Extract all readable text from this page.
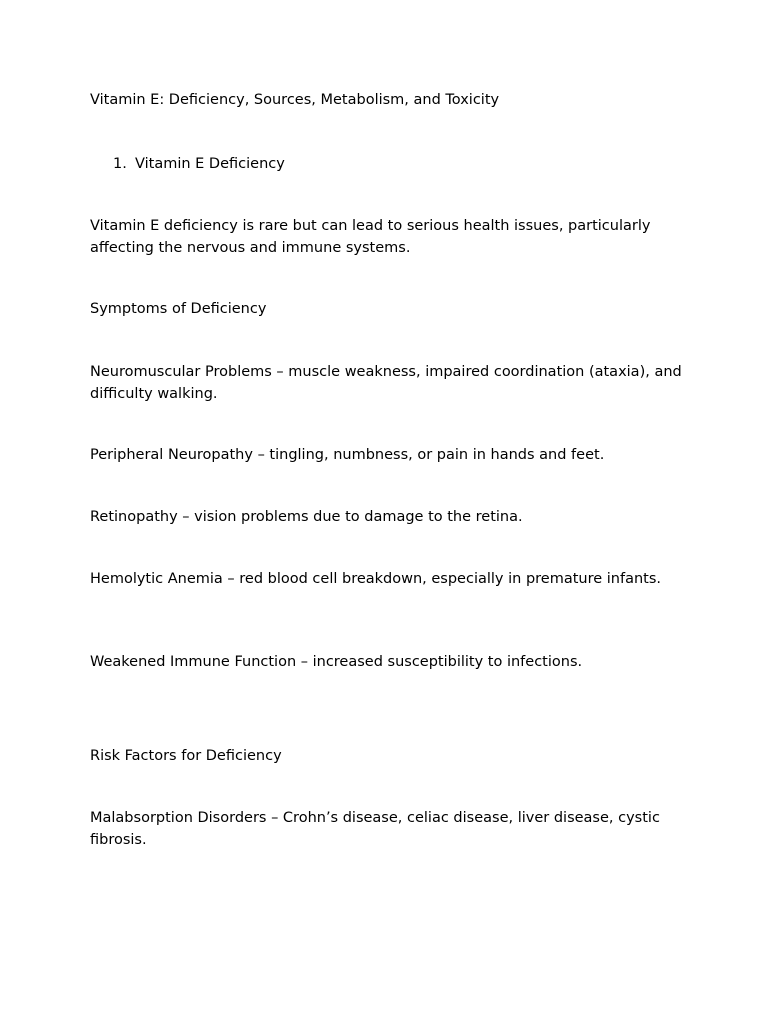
Vitamin E: Deficiency, Sources, Metabolism, and Toxicity

1. Vitamin E Deficiency

Vitamin E deficiency is rare but can lead to serious health issues, particularly affecting the nervous and immune systems.

Symptoms of Deficiency

Neuromuscular Problems – muscle weakness, impaired coordination (ataxia), and difficulty walking.

Peripheral Neuropathy – tingling, numbness, or pain in hands and feet.

Retinopathy – vision problems due to damage to the retina.

Hemolytic Anemia – red blood cell breakdown, especially in premature infants.

Weakened Immune Function – increased susceptibility to infections.

Risk Factors for Deficiency

Malabsorption Disorders – Crohn’s disease, celiac disease, liver disease, cystic fibrosis.
